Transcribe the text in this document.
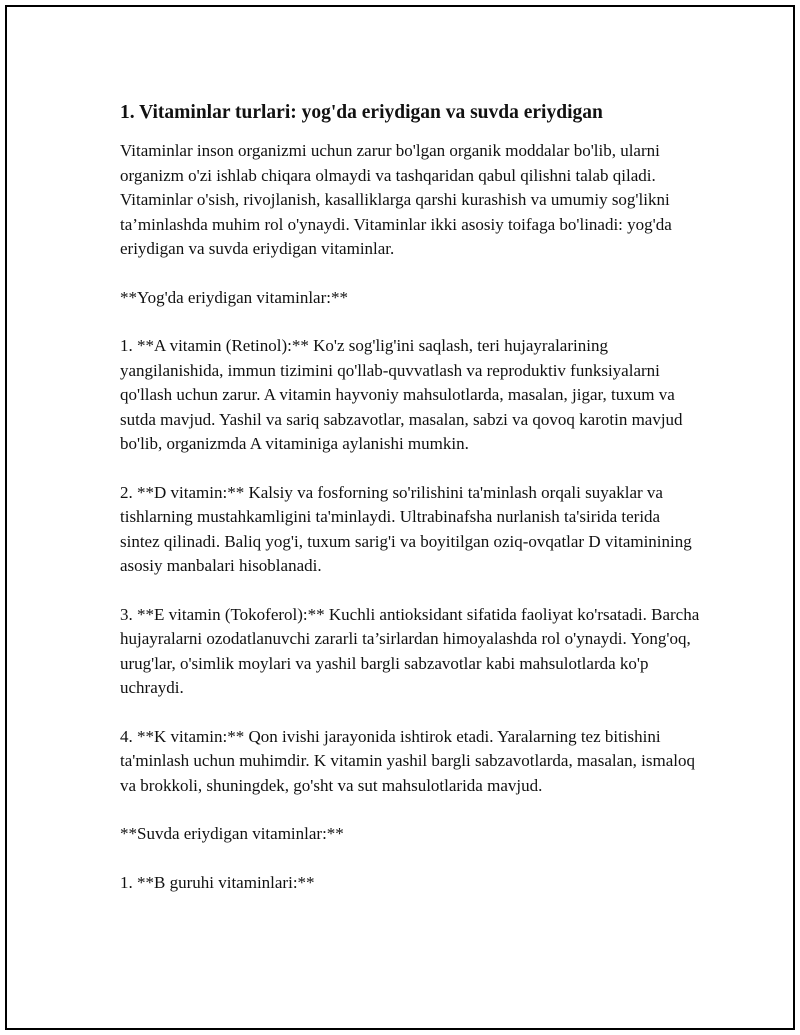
1. Vitaminlar turlari: yog'da eriydigan va suvda eriydigan

Vitaminlar inson organizmi uchun zarur bo'lgan organik moddalar bo'lib, ularni organizm o'zi ishlab chiqara olmaydi va tashqaridan qabul qilishni talab qiladi. Vitaminlar o'sish, rivojlanish, kasalliklarga qarshi kurashish va umumiy sog'likni ta’minlashda muhim rol o'ynaydi. Vitaminlar ikki asosiy toifaga bo'linadi: yog'da eriydigan va suvda eriydigan vitaminlar.

**Yog'da eriydigan vitaminlar:**

1. **A vitamin (Retinol):** Ko'z sog'lig'ini saqlash, teri hujayralarining yangilanishida, immun tizimini qo'llab-quvvatlash va reproduktiv funksiyalarni qo'llash uchun zarur. A vitamin hayvoniy mahsulotlarda, masalan, jigar, tuxum va sutda mavjud. Yashil va sariq sabzavotlar, masalan, sabzi va qovoq karotin mavjud bo'lib, organizmda A vitaminiga aylanishi mumkin.

2. **D vitamin:** Kalsiy va fosforning so'rilishini ta'minlash orqali suyaklar va tishlarning mustahkamligini ta'minlaydi. Ultrabinafsha nurlanish ta'sirida terida sintez qilinadi. Baliq yog'i, tuxum sarig'i va boyitilgan oziq-ovqatlar D vitaminining asosiy manbalari hisoblanadi.

3. **E vitamin (Tokoferol):** Kuchli antioksidant sifatida faoliyat ko'rsatadi. Barcha hujayralarni ozodatlanuvchi zararli ta’sirlardan himoyalashda rol o'ynaydi. Yong'oq, urug'lar, o'simlik moylari va yashil bargli sabzavotlar kabi mahsulotlarda ko'p uchraydi.

4. **K vitamin:** Qon ivishi jarayonida ishtirok etadi. Yaralarning tez bitishini ta'minlash uchun muhimdir. K vitamin yashil bargli sabzavotlarda, masalan, ismaloq va brokkoli, shuningdek, go'sht va sut mahsulotlarida mavjud.

**Suvda eriydigan vitaminlar:**

1. **B guruhi vitaminlari:**
